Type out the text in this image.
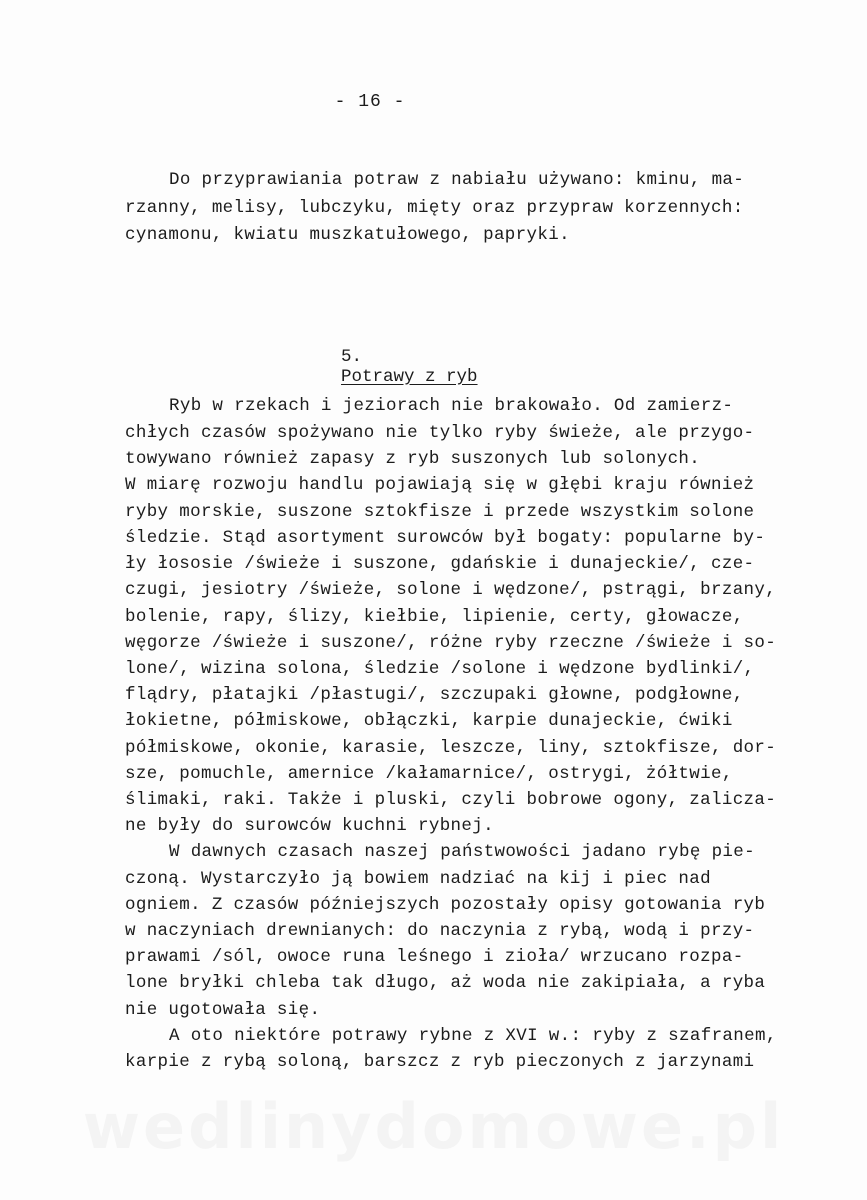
- 16 -
Do przyprawiania potraw z nabiału używano: kminu, ma-
rzanny, melisy, lubczyku, mięty oraz przypraw korzennych:
cynamonu, kwiatu muszkatułowego, papryki.

5.
Potrawy z ryb

Ryb w rzekach i jeziorach nie brakowało. Od zamierz-
chłych czasów spożywano nie tylko ryby świeże, ale przygo-
towywano również zapasy z ryb suszonych lub solonych.
W miarę rozwoju handlu pojawiają się w głębi kraju również
ryby morskie, suszone sztokfisze i przede wszystkim solone
śledzie. Stąd asortyment surowców był bogaty: popularne by-
ły łososie /świeże i suszone, gdańskie i dunajeckie/, cze-
czugi, jesiotry /świeże, solone i wędzone/, pstrągi, brzany,
bolenie, rapy, ślizy, kiełbie, lipienie, certy, głowacze,
węgorze /świeże i suszone/, różne ryby rzeczne /świeże i so-
lone/, wizina solona, śledzie /solone i wędzone bydlinki/,
flądry, płatajki /płastugi/, szczupaki głowne, podgłowne,
łokietne, półmiskowe, obłączki, karpie dunajeckie, ćwiki
półmiskowe, okonie, karasie, leszcze, liny, sztokfisze, dor-
sze, pomuchle, amernice /kałamarnice/, ostrygi, żółtwie,
ślimaki, raki. Także i pluski, czyli bobrowe ogony, zalicza-
ne były do surowców kuchni rybnej.
W dawnych czasach naszej państwowości jadano rybę pie-
czoną. Wystarczyło ją bowiem nadziać na kij i piec nad
ogniem. Z czasów późniejszych pozostały opisy gotowania ryb
w naczyniach drewnianych: do naczynia z rybą, wodą i przy-
prawami /sól, owoce runa leśnego i zioła/ wrzucano rozpa-
lone bryłki chleba tak długo, aż woda nie zakipiała, a ryba
nie ugotowała się.
A oto niektóre potrawy rybne z XVI w.: ryby z szafranem,
karpie z rybą soloną, barszcz z ryb pieczonych z jarzynami
wedlinydomowe.pl
